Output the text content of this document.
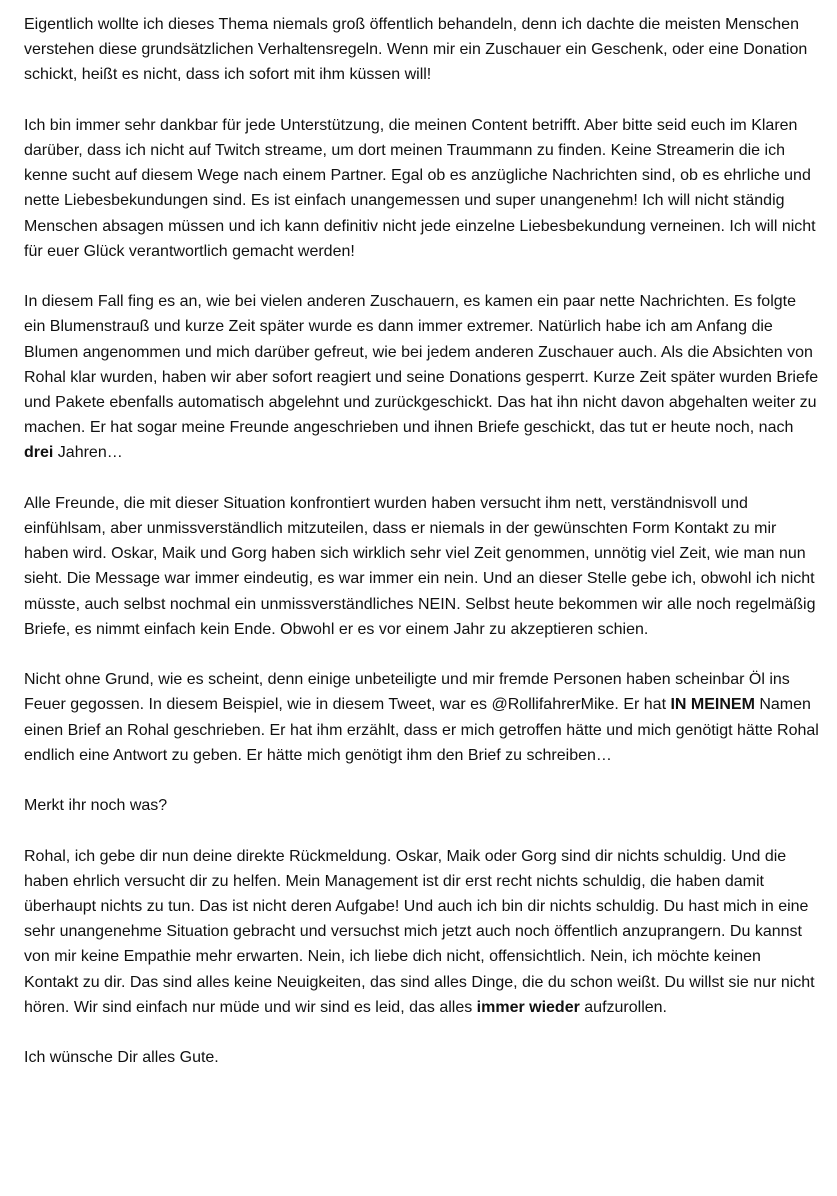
Eigentlich wollte ich dieses Thema niemals groß öffentlich behandeln, denn ich dachte die meisten Menschen verstehen diese grundsätzlichen Verhaltensregeln. Wenn mir ein Zuschauer ein Geschenk, oder eine Donation schickt, heißt es nicht, dass ich sofort mit ihm küssen will!

Ich bin immer sehr dankbar für jede Unterstützung, die meinen Content betrifft. Aber bitte seid euch im Klaren darüber, dass ich nicht auf Twitch streame, um dort meinen Traummann zu finden. Keine Streamerin die ich kenne sucht auf diesem Wege nach einem Partner. Egal ob es anzügliche Nachrichten sind, ob es ehrliche und nette Liebesbekundungen sind. Es ist einfach unangemessen und super unangenehm! Ich will nicht ständig Menschen absagen müssen und ich kann definitiv nicht jede einzelne Liebesbekundung verneinen. Ich will nicht für euer Glück verantwortlich gemacht werden!

In diesem Fall fing es an, wie bei vielen anderen Zuschauern, es kamen ein paar nette Nachrichten. Es folgte ein Blumenstrauß und kurze Zeit später wurde es dann immer extremer. Natürlich habe ich am Anfang die Blumen angenommen und mich darüber gefreut, wie bei jedem anderen Zuschauer auch. Als die Absichten von Rohal klar wurden, haben wir aber sofort reagiert und seine Donations gesperrt. Kurze Zeit später wurden Briefe und Pakete ebenfalls automatisch abgelehnt und zurückgeschickt. Das hat ihn nicht davon abgehalten weiter zu machen. Er hat sogar meine Freunde angeschrieben und ihnen Briefe geschickt, das tut er heute noch, nach drei Jahren…

Alle Freunde, die mit dieser Situation konfrontiert wurden haben versucht ihm nett, verständnisvoll und einfühlsam, aber unmissverständlich mitzuteilen, dass er niemals in der gewünschten Form Kontakt zu mir haben wird. Oskar, Maik und Gorg haben sich wirklich sehr viel Zeit genommen, unnötig viel Zeit, wie man nun sieht. Die Message war immer eindeutig, es war immer ein nein. Und an dieser Stelle gebe ich, obwohl ich nicht müsste, auch selbst nochmal ein unmissverständliches NEIN. Selbst heute bekommen wir alle noch regelmäßig Briefe, es nimmt einfach kein Ende. Obwohl er es vor einem Jahr zu akzeptieren schien.

Nicht ohne Grund, wie es scheint, denn einige unbeteiligte und mir fremde Personen haben scheinbar Öl ins Feuer gegossen. In diesem Beispiel, wie in diesem Tweet, war es @RollifahrerMike. Er hat IN MEINEM Namen einen Brief an Rohal geschrieben. Er hat ihm erzählt, dass er mich getroffen hätte und mich genötigt hätte Rohal endlich eine Antwort zu geben. Er hätte mich genötigt ihm den Brief zu schreiben…

Merkt ihr noch was?

Rohal, ich gebe dir nun deine direkte Rückmeldung. Oskar, Maik oder Gorg sind dir nichts schuldig. Und die haben ehrlich versucht dir zu helfen. Mein Management ist dir erst recht nichts schuldig, die haben damit überhaupt nichts zu tun. Das ist nicht deren Aufgabe! Und auch ich bin dir nichts schuldig. Du hast mich in eine sehr unangenehme Situation gebracht und versuchst mich jetzt auch noch öffentlich anzuprangern. Du kannst von mir keine Empathie mehr erwarten. Nein, ich liebe dich nicht, offensichtlich. Nein, ich möchte keinen Kontakt zu dir. Das sind alles keine Neuigkeiten, das sind alles Dinge, die du schon weißt. Du willst sie nur nicht hören. Wir sind einfach nur müde und wir sind es leid, das alles immer wieder aufzurollen.

Ich wünsche Dir alles Gute.
